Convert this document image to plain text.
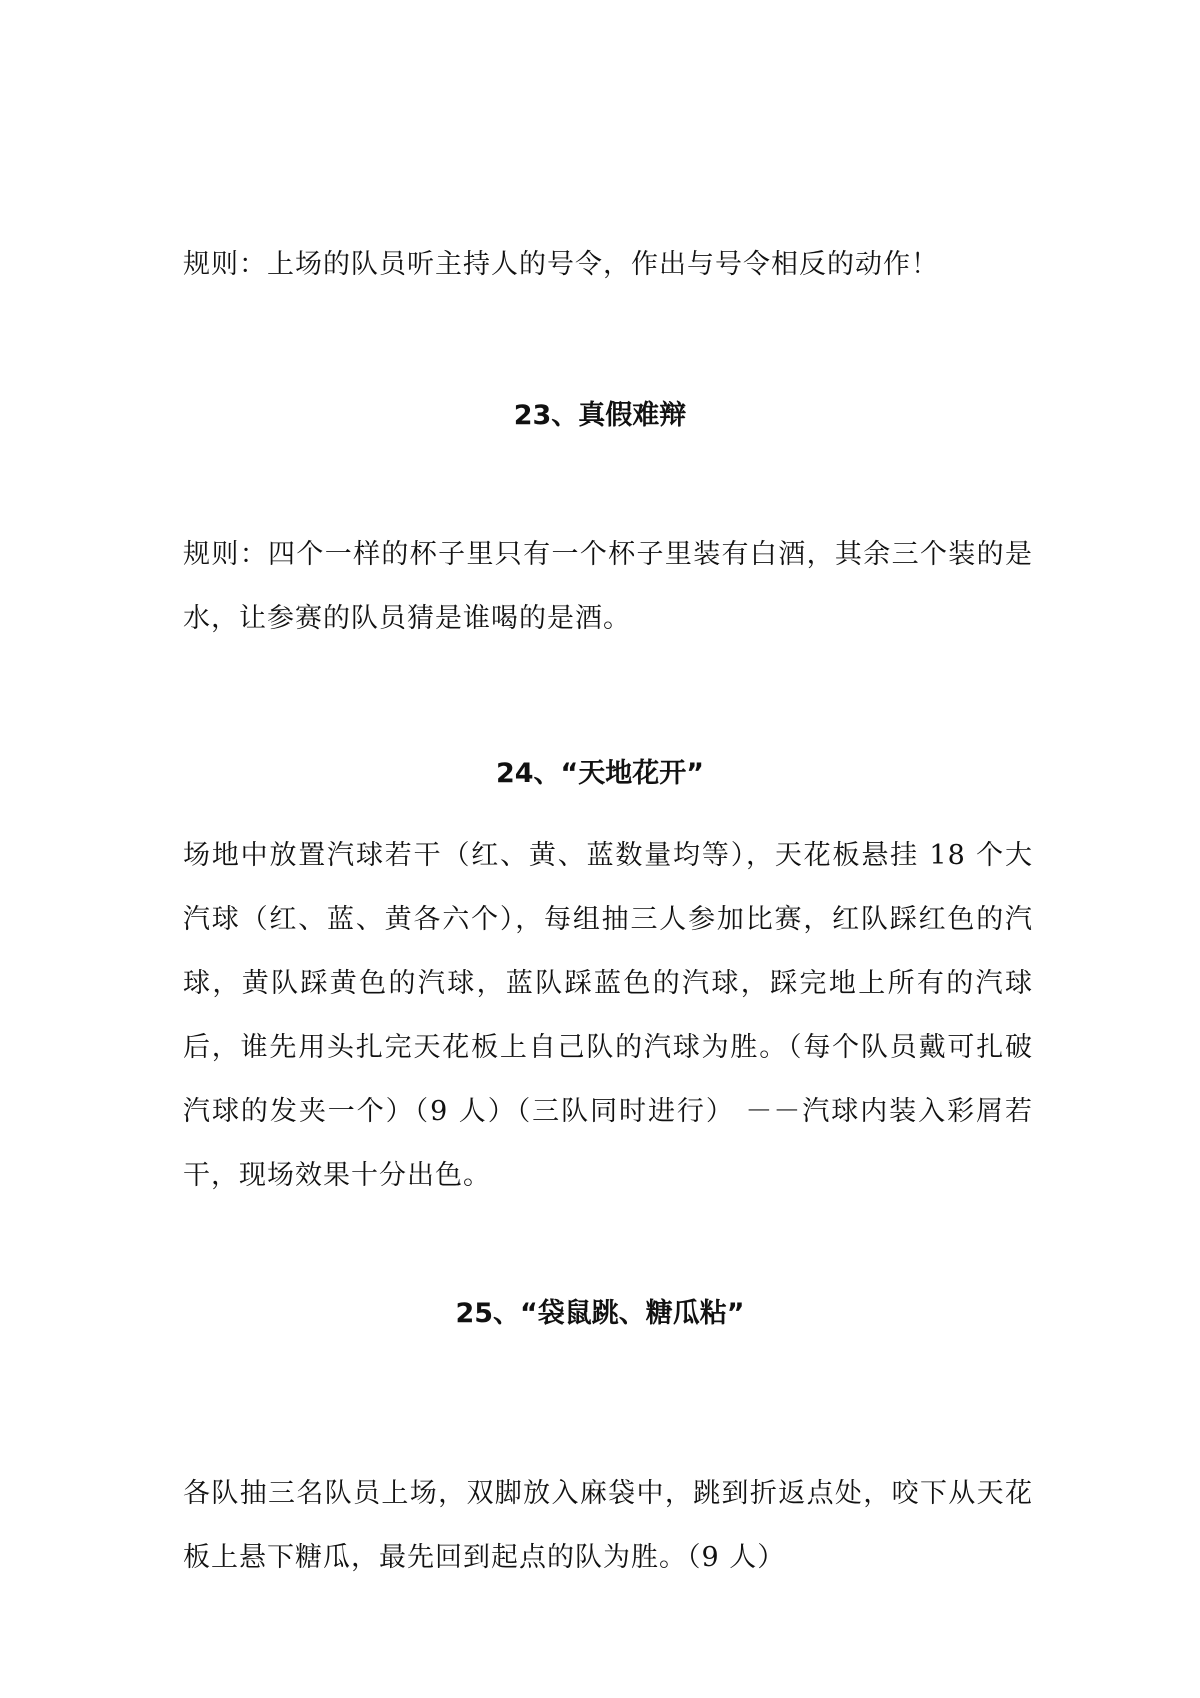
规则：上场的队员听主持人的号令，作出与号令相反的动作！

23、真假难辩

规则：四个一样的杯子里只有一个杯子里装有白酒，其余三个装的是水，让参赛的队员猜是谁喝的是酒。

24、“天地花开”

场地中放置汽球若干（红、黄、蓝数量均等），天花板悬挂 18 个大汽球（红、蓝、黄各六个），每组抽三人参加比赛，红队踩红色的汽球，黄队踩黄色的汽球，蓝队踩蓝色的汽球，踩完地上所有的汽球后，谁先用头扎完天花板上自己队的汽球为胜。（每个队员戴可扎破汽球的发夹一个）（9 人）（三队同时进行） －－汽球内装入彩屑若干，现场效果十分出色。

25、“袋鼠跳、糖瓜粘”

各队抽三名队员上场，双脚放入麻袋中，跳到折返点处，咬下从天花板上悬下糖瓜，最先回到起点的队为胜。（9 人）
